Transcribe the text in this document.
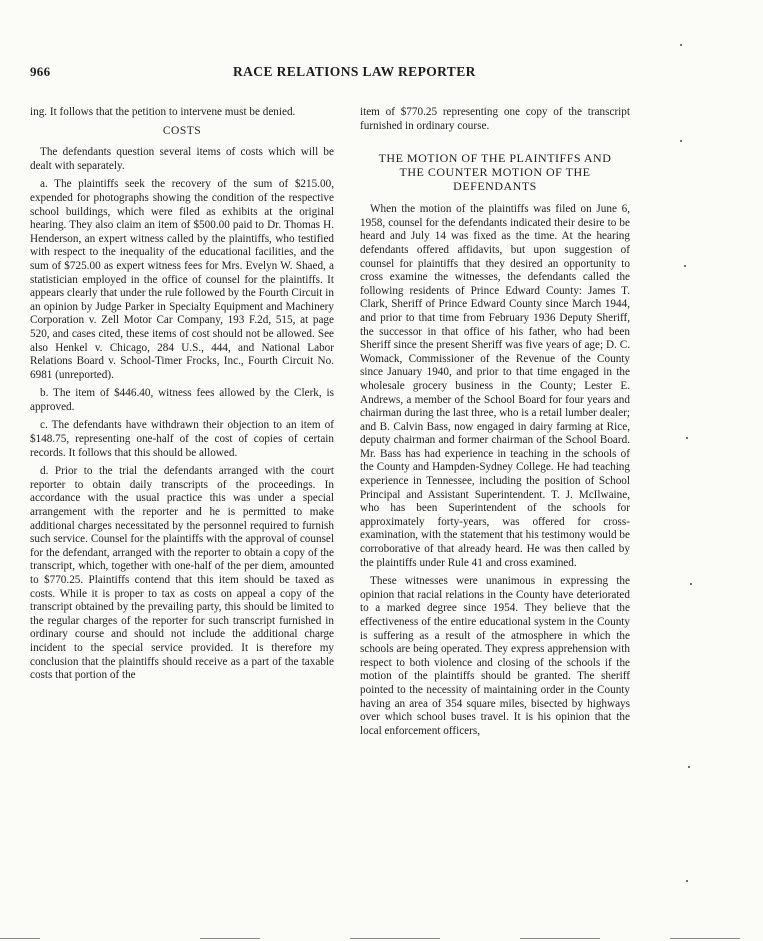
966	RACE RELATIONS LAW REPORTER

ing. It follows that the petition to intervene must be denied.

COSTS

The defendants question several items of costs which will be dealt with separately.

a. The plaintiffs seek the recovery of the sum of $215.00, expended for photographs showing the condition of the respective school buildings, which were filed as exhibits at the original hearing. They also claim an item of $500.00 paid to Dr. Thomas H. Henderson, an expert witness called by the plaintiffs, who testified with respect to the inequality of the educational facilities, and the sum of $725.00 as expert witness fees for Mrs. Evelyn W. Shaed, a statistician employed in the office of counsel for the plaintiffs. It appears clearly that under the rule followed by the Fourth Circuit in an opinion by Judge Parker in Specialty Equipment and Machinery Corporation v. Zell Motor Car Company, 193 F.2d, 515, at page 520, and cases cited, these items of cost should not be allowed. See also Henkel v. Chicago, 284 U.S., 444, and National Labor Relations Board v. School-Timer Frocks, Inc., Fourth Circuit No. 6981 (unreported).

b. The item of $446.40, witness fees allowed by the Clerk, is approved.

c. The defendants have withdrawn their objection to an item of $148.75, representing one-half of the cost of copies of certain records. It follows that this should be allowed.

d. Prior to the trial the defendants arranged with the court reporter to obtain daily transcripts of the proceedings. In accordance with the usual practice this was under a special arrangement with the reporter and he is permitted to make additional charges necessitated by the personnel required to furnish such service. Counsel for the plaintiffs with the approval of counsel for the defendant, arranged with the reporter to obtain a copy of the transcript, which, together with one-half of the per diem, amounted to $770.25. Plaintiffs contend that this item should be taxed as costs. While it is proper to tax as costs on appeal a copy of the transcript obtained by the prevailing party, this should be limited to the regular charges of the reporter for such transcript furnished in ordinary course and should not include the additional charge incident to the special service provided. It is therefore my conclusion that the plaintiffs should receive as a part of the taxable costs that portion of the

item of $770.25 representing one copy of the transcript furnished in ordinary course.

THE MOTION OF THE PLAINTIFFS AND
THE COUNTER MOTION OF THE
DEFENDANTS

When the motion of the plaintiffs was filed on June 6, 1958, counsel for the defendants indicated their desire to be heard and July 14 was fixed as the time. At the hearing defendants offered affidavits, but upon suggestion of counsel for plaintiffs that they desired an opportunity to cross examine the witnesses, the defendants called the following residents of Prince Edward County: James T. Clark, Sheriff of Prince Edward County since March 1944, and prior to that time from February 1936 Deputy Sheriff, the successor in that office of his father, who had been Sheriff since the present Sheriff was five years of age; D. C. Womack, Commissioner of the Revenue of the County since January 1940, and prior to that time engaged in the wholesale grocery business in the County; Lester E. Andrews, a member of the School Board for four years and chairman during the last three, who is a retail lumber dealer; and B. Calvin Bass, now engaged in dairy farming at Rice, deputy chairman and former chairman of the School Board. Mr. Bass has had experience in teaching in the schools of the County and Hampden-Sydney College. He had teaching experience in Tennessee, including the position of School Principal and Assistant Superintendent. T. J. McIlwaine, who has been Superintendent of the schools for approximately forty-years, was offered for cross-examination, with the statement that his testimony would be corroborative of that already heard. He was then called by the plaintiffs under Rule 41 and cross examined.

These witnesses were unanimous in expressing the opinion that racial relations in the County have deteriorated to a marked degree since 1954. They believe that the effectiveness of the entire educational system in the County is suffering as a result of the atmosphere in which the schools are being operated. They express apprehension with respect to both violence and closing of the schools if the motion of the plaintiffs should be granted. The sheriff pointed to the necessity of maintaining order in the County having an area of 354 square miles, bisected by highways over which school buses travel. It is his opinion that the local enforcement officers,
